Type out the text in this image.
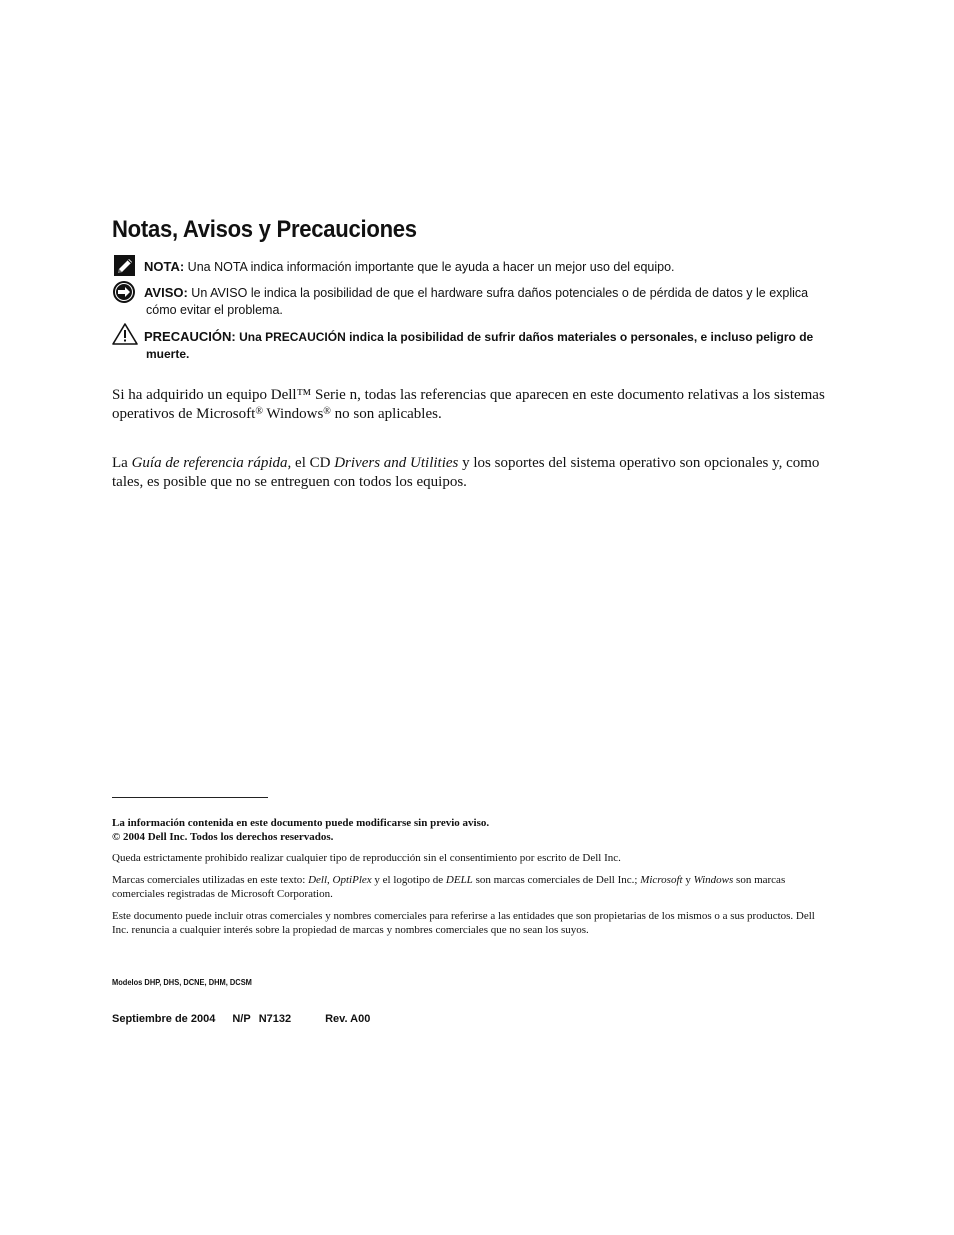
Notas, Avisos y Precauciones
NOTA: Una NOTA indica información importante que le ayuda a hacer un mejor uso del equipo.
AVISO: Un AVISO le indica la posibilidad de que el hardware sufra daños potenciales o de pérdida de datos y le explica
cómo evitar el problema.
PRECAUCIÓN: Una PRECAUCIÓN indica la posibilidad de sufrir daños materiales o personales, e incluso peligro de
muerte.
Si ha adquirido un equipo Dell™ Serie n, todas las referencias que aparecen en este documento relativas a los sistemas operativos de Microsoft® Windows® no son aplicables.
La Guía de referencia rápida, el CD Drivers and Utilities y los soportes del sistema operativo son opcionales y, como tales, es posible que no se entreguen con todos los equipos.
La información contenida en este documento puede modificarse sin previo aviso.
© 2004 Dell Inc. Todos los derechos reservados.
Queda estrictamente prohibido realizar cualquier tipo de reproducción sin el consentimiento por escrito de Dell Inc.
Marcas comerciales utilizadas en este texto: Dell, OptiPlex y el logotipo de DELL son marcas comerciales de Dell Inc.; Microsoft y Windows son marcas comerciales registradas de Microsoft Corporation.
Este documento puede incluir otras comerciales y nombres comerciales para referirse a las entidades que son propietarias de los mismos o a sus productos. Dell Inc. renuncia a cualquier interés sobre la propiedad de marcas y nombres comerciales que no sean los suyos.
Modelos DHP, DHS, DCNE, DHM, DCSM
Septiembre de 2004 N/P N7132	Rev. A00
